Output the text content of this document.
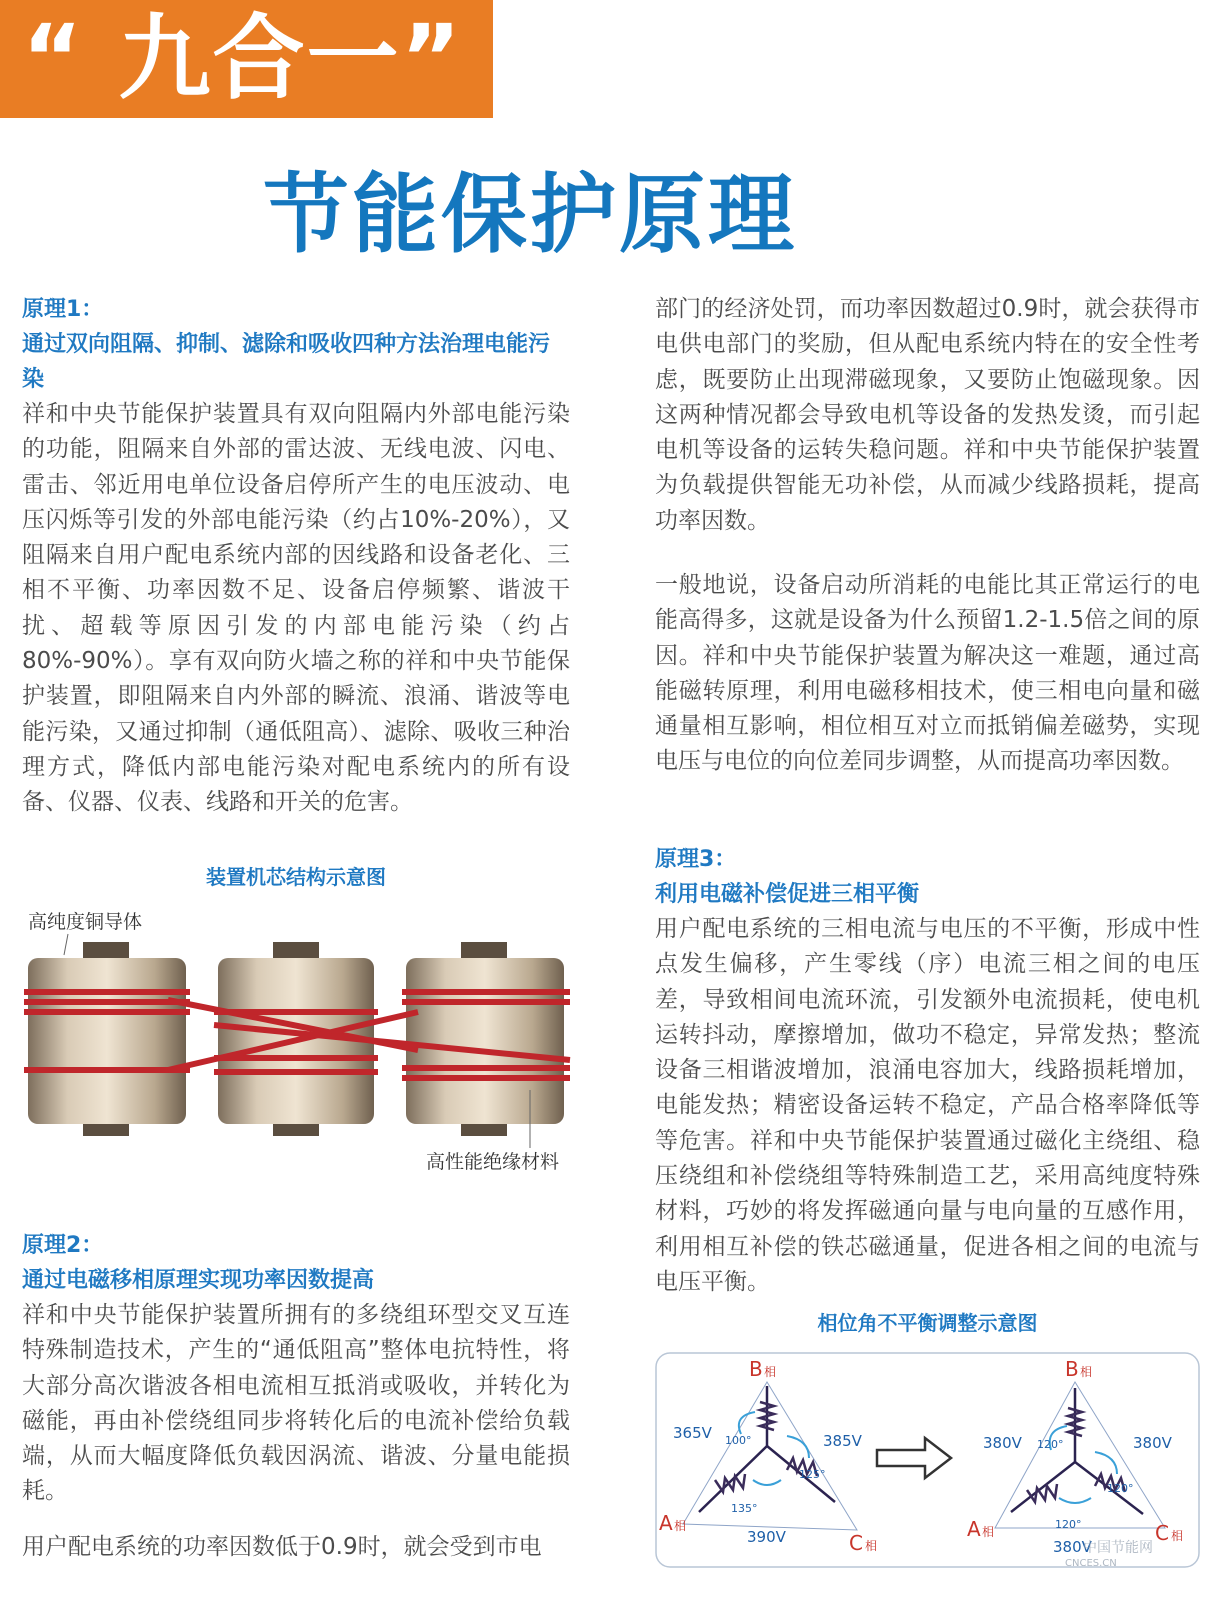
“ 九合一”
节能保护原理
原理1：
通过双向阻隔、抑制、滤除和吸收四种方法治理电能污染
祥和中央节能保护装置具有双向阻隔内外部电能污染的功能，阻隔来自外部的雷达波、无线电波、闪电、雷击、邻近用电单位设备启停所产生的电压波动、电压闪烁等引发的外部电能污染（约占10%-20%），又阻隔来自用户配电系统内部的因线路和设备老化、三相不平衡、功率因数不足、设备启停频繁、谐波干扰、超载等原因引发的内部电能污染（约占80%-90%）。享有双向防火墙之称的祥和中央节能保护装置，即阻隔来自内外部的瞬流、浪涌、谐波等电能污染，又通过抑制（通低阻高）、滤除、吸收三种治理方式，降低内部电能污染对配电系统内的所有设备、仪器、仪表、线路和开关的危害。
装置机芯结构示意图
高纯度铜导体
高性能绝缘材料
原理2：
通过电磁移相原理实现功率因数提高
祥和中央节能保护装置所拥有的多绕组环型交叉互连特殊制造技术，产生的“通低阻高”整体电抗特性，将大部分高次谐波各相电流相互抵消或吸收，并转化为磁能，再由补偿绕组同步将转化后的电流补偿给负载端，从而大幅度降低负载因涡流、谐波、分量电能损耗。
用户配电系统的功率因数低于0.9时，就会受到市电
部门的经济处罚，而功率因数超过0.9时，就会获得市电供电部门的奖励，但从配电系统内特在的安全性考虑，既要防止出现滞磁现象，又要防止饱磁现象。因这两种情况都会导致电机等设备的发热发烫，而引起电机等设备的运转失稳问题。祥和中央节能保护装置为负载提供智能无功补偿，从而减少线路损耗，提高功率因数。
一般地说，设备启动所消耗的电能比其正常运行的电能高得多，这就是设备为什么预留1.2-1.5倍之间的原因。祥和中央节能保护装置为解决这一难题，通过高能磁转原理，利用电磁移相技术，使三相电向量和磁通量相互影响，相位相互对立而抵销偏差磁势，实现电压与电位的向位差同步调整，从而提高功率因数。
原理3：
利用电磁补偿促进三相平衡
用户配电系统的三相电流与电压的不平衡，形成中性点发生偏移，产生零线（序）电流三相之间的电压差，导致相间电流环流，引发额外电流损耗，使电机运转抖动，摩擦增加，做功不稳定，异常发热；整流设备三相谐波增加，浪涌电容加大，线路损耗增加，电能发热；精密设备运转不稳定，产品合格率降低等等危害。祥和中央节能保护装置通过磁化主绕组、稳压绕组和补偿绕组等特殊制造工艺，采用高纯度特殊材料，巧妙的将发挥磁通向量与电向量的互感作用，利用相互补偿的铁芯磁通量，促进各相之间的电流与电压平衡。
相位角不平衡调整示意图
B 相
A 相
C 相
365V	385V
390V
100°
125°
135°
B 相
A 相	C 相
380V	380V
380V
120°
120°
120°
中国节能网
CNCES.CN
